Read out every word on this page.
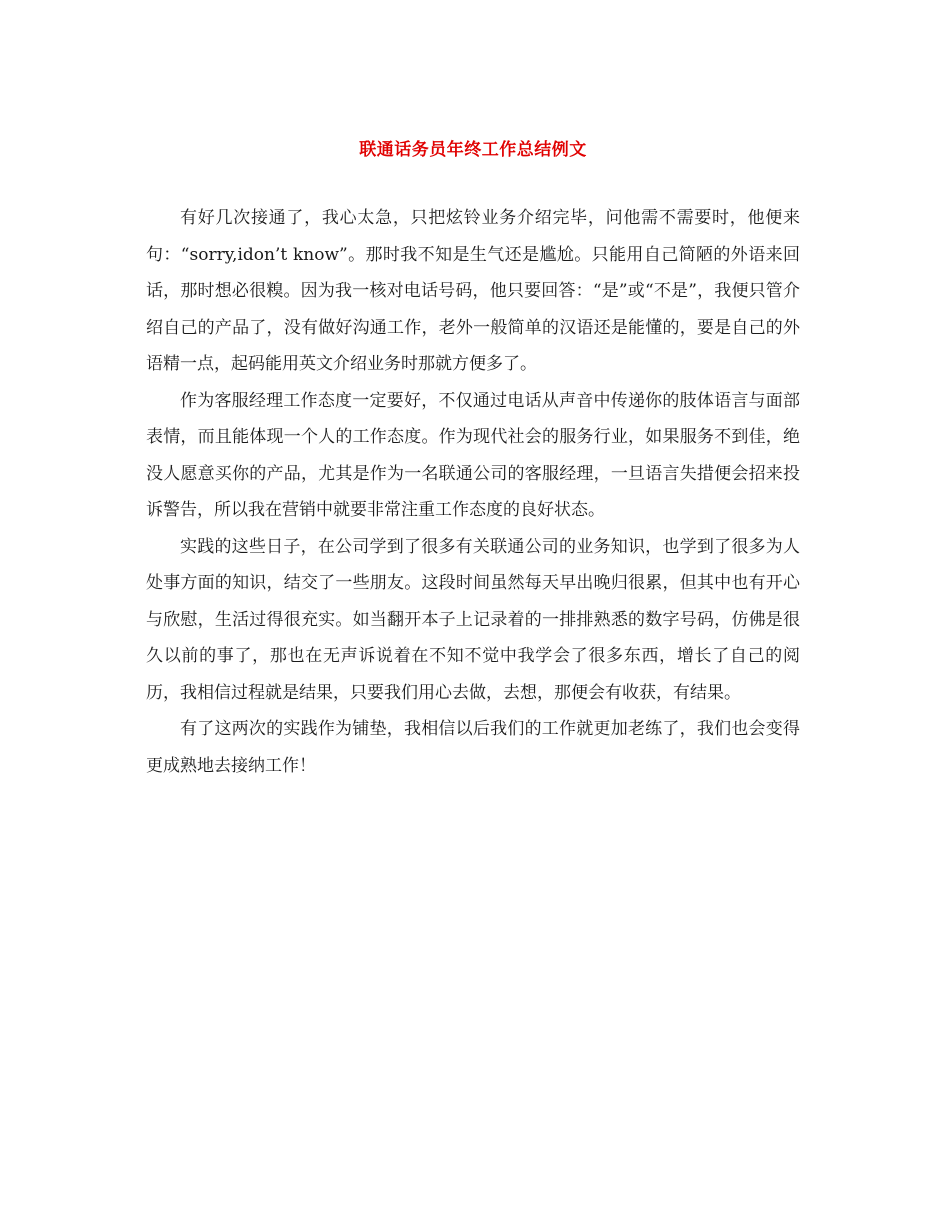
联通话务员年终工作总结例文

有好几次接通了，我心太急，只把炫铃业务介绍完毕，问他需不需要时，他便来句：“sorry,idon’t know”。那时我不知是生气还是尴尬。只能用自己简陋的外语来回话，那时想必很糗。因为我一核对电话号码，他只要回答：“是”或“不是”，我便只管介绍自己的产品了，没有做好沟通工作，老外一般简单的汉语还是能懂的，要是自己的外语精一点，起码能用英文介绍业务时那就方便多了。

作为客服经理工作态度一定要好，不仅通过电话从声音中传递你的肢体语言与面部表情，而且能体现一个人的工作态度。作为现代社会的服务行业，如果服务不到佳，绝没人愿意买你的产品，尤其是作为一名联通公司的客服经理，一旦语言失措便会招来投诉警告，所以我在营销中就要非常注重工作态度的良好状态。

实践的这些日子，在公司学到了很多有关联通公司的业务知识，也学到了很多为人处事方面的知识，结交了一些朋友。这段时间虽然每天早出晚归很累，但其中也有开心与欣慰，生活过得很充实。如当翻开本子上记录着的一排排熟悉的数字号码，仿佛是很久以前的事了，那也在无声诉说着在不知不觉中我学会了很多东西，增长了自己的阅历，我相信过程就是结果，只要我们用心去做，去想，那便会有收获，有结果。

有了这两次的实践作为铺垫，我相信以后我们的工作就更加老练了，我们也会变得更成熟地去接纳工作！
